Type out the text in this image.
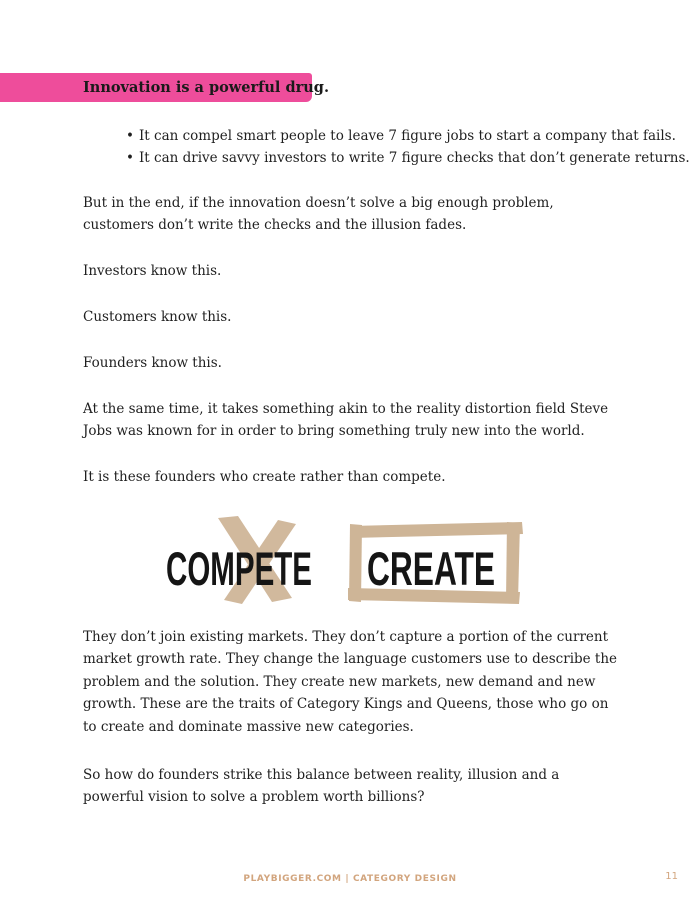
Innovation is a powerful drug.
• It can compel smart people to leave 7 figure jobs to start a company that fails.
• It can drive savvy investors to write 7 figure checks that don’t generate returns.

But in the end, if the innovation doesn’t solve a big enough problem, customers don’t write the checks and the illusion fades.

Investors know this.

Customers know this.

Founders know this.

At the same time, it takes something akin to the reality distortion field Steve Jobs was known for in order to bring something truly new into the world.

It is these founders who create rather than compete.

COMPETE CREATE

They don’t join existing markets. They don’t capture a portion of the current market growth rate. They change the language customers use to describe the problem and the solution. They create new markets, new demand and new growth. These are the traits of Category Kings and Queens, those who go on to create and dominate massive new categories.

So how do founders strike this balance between reality, illusion and a powerful vision to solve a problem worth billions?

PLAYBIGGER.COM | CATEGORY DESIGN	11
